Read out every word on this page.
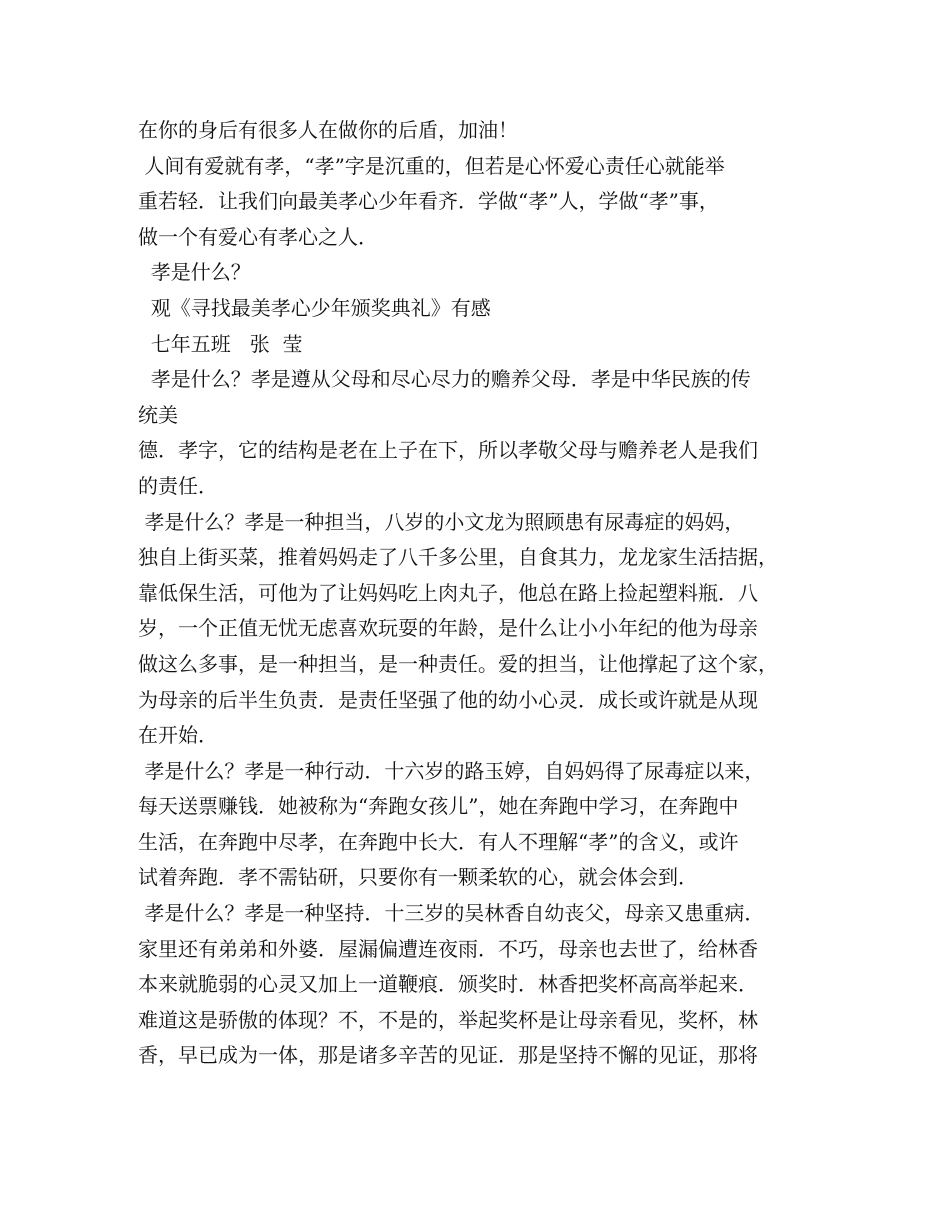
在你的身后有很多人在做你的后盾，加油！
人间有爱就有孝，“孝”字是沉重的，但若是心怀爱心责任心就能举
重若轻．让我们向最美孝心少年看齐．学做“孝”人，学做“孝”事，
做一个有爱心有孝心之人．
孝是什么？
观《寻找最美孝心少年颁奖典礼》有感
七年五班   张  莹
孝是什么？孝是遵从父母和尽心尽力的赡养父母．孝是中华民族的传
统美
德．孝字，它的结构是老在上子在下，所以孝敬父母与赡养老人是我们
的责任．
孝是什么？孝是一种担当，八岁的小文龙为照顾患有尿毒症的妈妈，
独自上街买菜，推着妈妈走了八千多公里，自食其力，龙龙家生活拮据，
靠低保生活，可他为了让妈妈吃上肉丸子，他总在路上捡起塑料瓶．八
岁，一个正值无忧无虑喜欢玩耍的年龄，是什么让小小年纪的他为母亲
做这么多事，是一种担当，是一种责任。爱的担当，让他撑起了这个家，
为母亲的后半生负责．是责任坚强了他的幼小心灵．成长或许就是从现
在开始．
孝是什么？孝是一种行动．十六岁的路玉婷，自妈妈得了尿毒症以来，
每天送票赚钱．她被称为“奔跑女孩儿”，她在奔跑中学习，在奔跑中
生活，在奔跑中尽孝，在奔跑中长大．有人不理解“孝”的含义，或许
试着奔跑．孝不需钻研，只要你有一颗柔软的心，就会体会到．
孝是什么？孝是一种坚持．十三岁的吴林香自幼丧父，母亲又患重病．
家里还有弟弟和外婆．屋漏偏遭连夜雨．不巧，母亲也去世了，给林香
本来就脆弱的心灵又加上一道鞭痕．颁奖时．林香把奖杯高高举起来．
难道这是骄傲的体现？不，不是的，举起奖杯是让母亲看见，奖杯，林
香，早已成为一体，那是诸多辛苦的见证．那是坚持不懈的见证，那将
